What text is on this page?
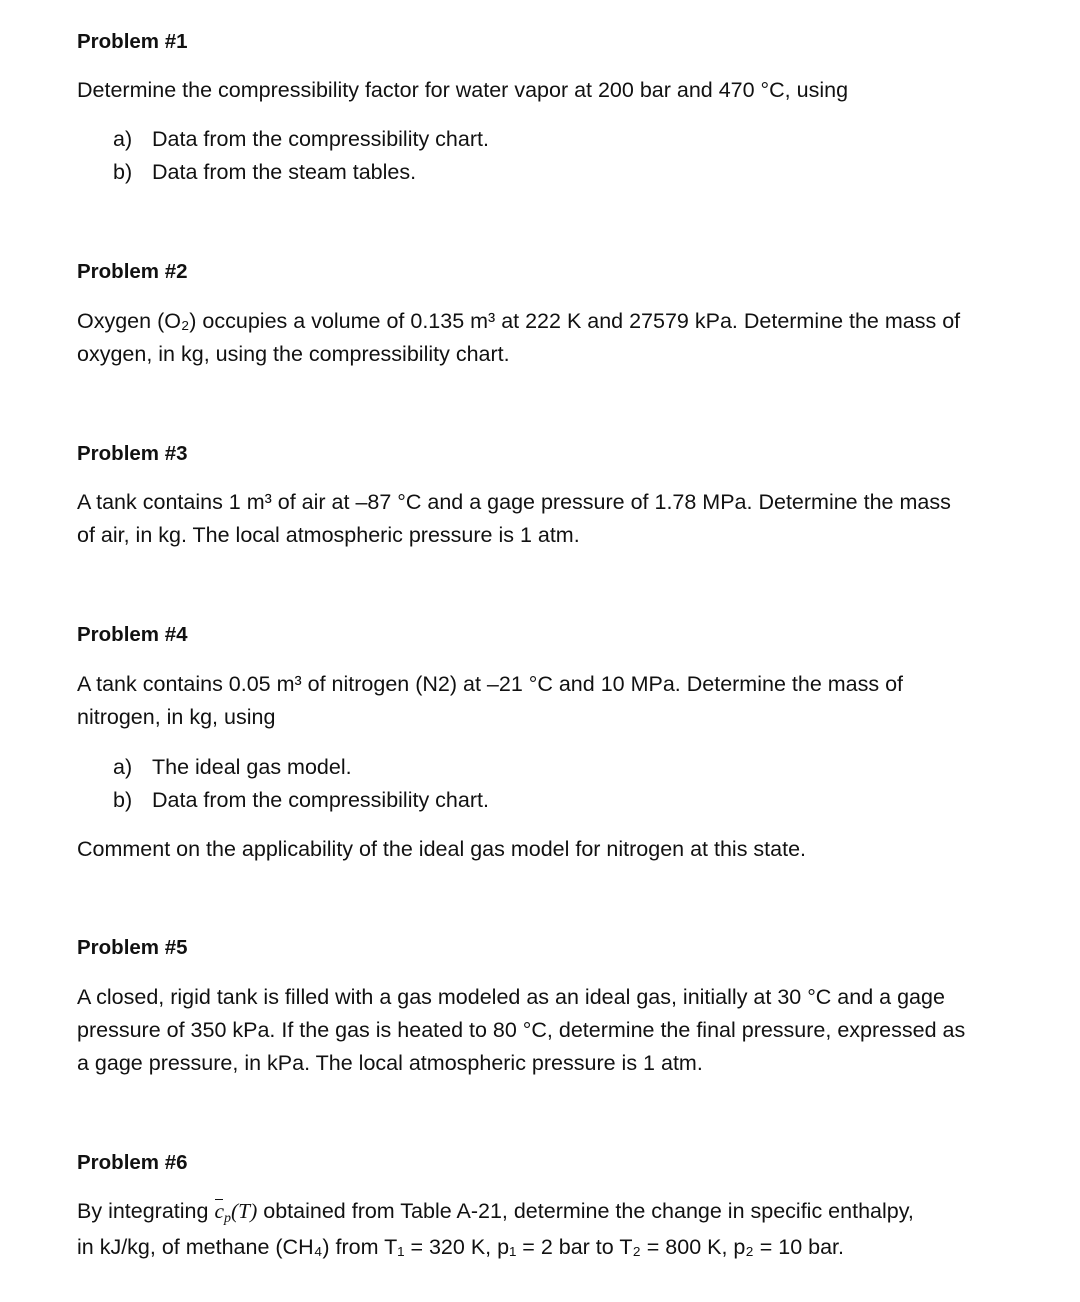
Problem #1
Determine the compressibility factor for water vapor at 200 bar and 470 °C, using
a) Data from the compressibility chart.
b) Data from the steam tables.
Problem #2
Oxygen (O₂) occupies a volume of 0.135 m³ at 222 K and 27579 kPa. Determine the mass of
oxygen, in kg, using the compressibility chart.
Problem #3
A tank contains 1 m³ of air at –87 °C and a gage pressure of 1.78 MPa. Determine the mass
of air, in kg. The local atmospheric pressure is 1 atm.
Problem #4
A tank contains 0.05 m³ of nitrogen (N2) at –21 °C and 10 MPa. Determine the mass of
nitrogen, in kg, using
a) The ideal gas model.
b) Data from the compressibility chart.
Comment on the applicability of the ideal gas model for nitrogen at this state.
Problem #5
A closed, rigid tank is filled with a gas modeled as an ideal gas, initially at 30 °C and a gage
pressure of 350 kPa. If the gas is heated to 80 °C, determine the final pressure, expressed as
a gage pressure, in kPa. The local atmospheric pressure is 1 atm.
Problem #6
By integrating cp(T) obtained from Table A-21, determine the change in specific enthalpy,
in kJ/kg, of methane (CH₄) from T₁ = 320 K, p₁ = 2 bar to T₂ = 800 K, p₂ = 10 bar.
